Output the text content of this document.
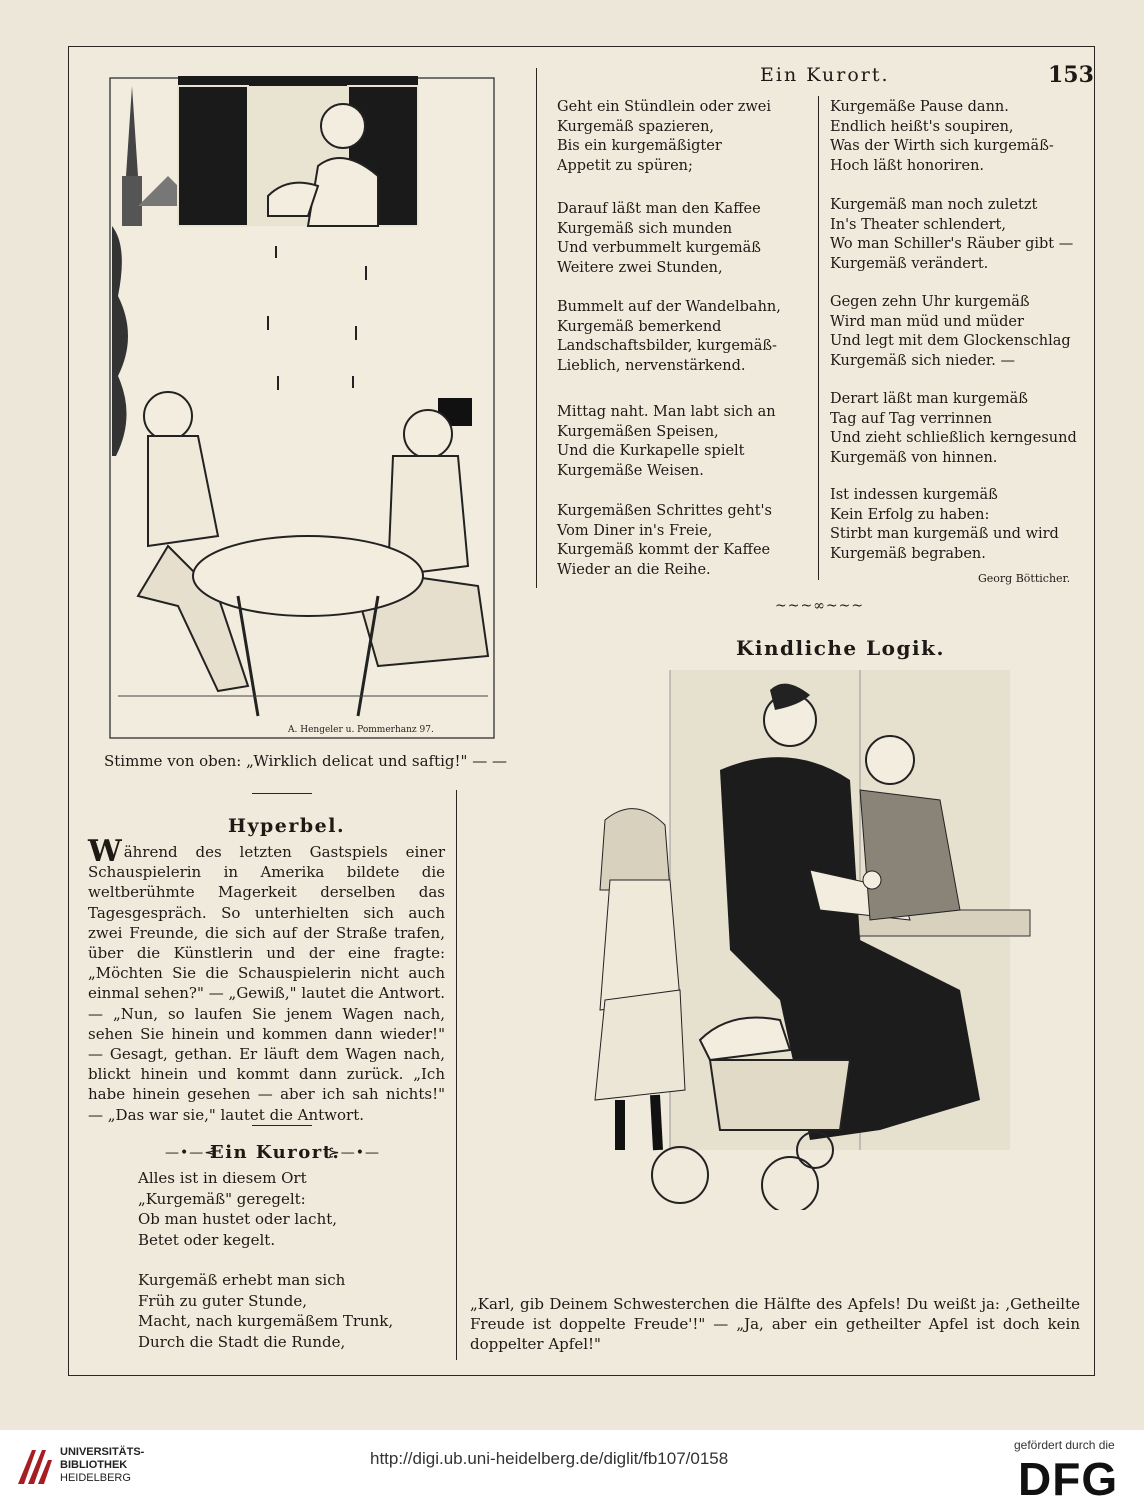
Ein Kurort.	153
Geht ein Stündlein oder zwei
Kurgemäß spazieren,
Bis ein kurgemäßigter
Appetit zu spüren;
Darauf läßt man den Kaffee
Kurgemäß sich munden
Und verbummelt kurgemäß
Weitere zwei Stunden,
Bummelt auf der Wandelbahn,
Kurgemäß bemerkend
Landschaftsbilder, kurgemäß-
Lieblich, nervenstärkend.
Mittag naht. Man labt sich an
Kurgemäßen Speisen,
Und die Kurkapelle spielt
Kurgemäße Weisen.
Kurgemäßen Schrittes geht's
Vom Diner in's Freie,
Kurgemäß kommt der Kaffee
Wieder an die Reihe.
Kurgemäße Pause dann.
Endlich heißt's soupiren,
Was der Wirth sich kurgemäß-
Hoch läßt honoriren.
Kurgemäß man noch zuletzt
In's Theater schlendert,
Wo man Schiller's Räuber gibt —
Kurgemäß verändert.
Gegen zehn Uhr kurgemäß
Wird man müd und müder
Und legt mit dem Glockenschlag
Kurgemäß sich nieder. —
Derart läßt man kurgemäß
Tag auf Tag verrinnen
Und zieht schließlich kerngesund
Kurgemäß von hinnen.
Ist indessen kurgemäß
Kein Erfolg zu haben:
Stirbt man kurgemäß und wird
Kurgemäß begraben.
Georg Bötticher.
~~~∞~~~
Kindliche Logik.
A. Hengeler u. Pommerhanz 97.
Stimme von oben: „Wirklich delicat und saftig!" — —
Hyperbel.
Während des letzten Gastspiels einer Schauspielerin in Amerika bildete die weltberühmte Magerkeit derselben das Tagesgespräch. So unterhielten sich auch zwei Freunde, die sich auf der Straße trafen, über die Künstlerin und der eine fragte: „Möchten Sie die Schauspielerin nicht auch einmal sehen?" — „Gewiß," lautet die Antwort. — „Nun, so laufen Sie jenem Wagen nach, sehen Sie hinein und kommen dann wieder!" — Gesagt, gethan. Er läuft dem Wagen nach, blickt hinein und kommt dann zurück. „Ich habe hinein gesehen — aber ich sah nichts!" — „Das war sie," lautet die Antwort.
—•—⊰
Ein Kurort.
⊱—•—
Alles ist in diesem Ort
„Kurgemäß" geregelt:
Ob man hustet oder lacht,
Betet oder kegelt.
Kurgemäß erhebt man sich
Früh zu guter Stunde,
Macht, nach kurgemäßem Trunk,
Durch die Stadt die Runde,
„Karl, gib Deinem Schwesterchen die Hälfte des Apfels! Du weißt ja: ‚Getheilte Freude ist doppelte Freude'!" — „Ja, aber ein getheilter Apfel ist doch kein doppelter Apfel!"
UNIVERSITÄTS-
BIBLIOTHEK
HEIDELBERG
http://digi.ub.uni-heidelberg.de/diglit/fb107/0158
gefördert durch die
DFG
